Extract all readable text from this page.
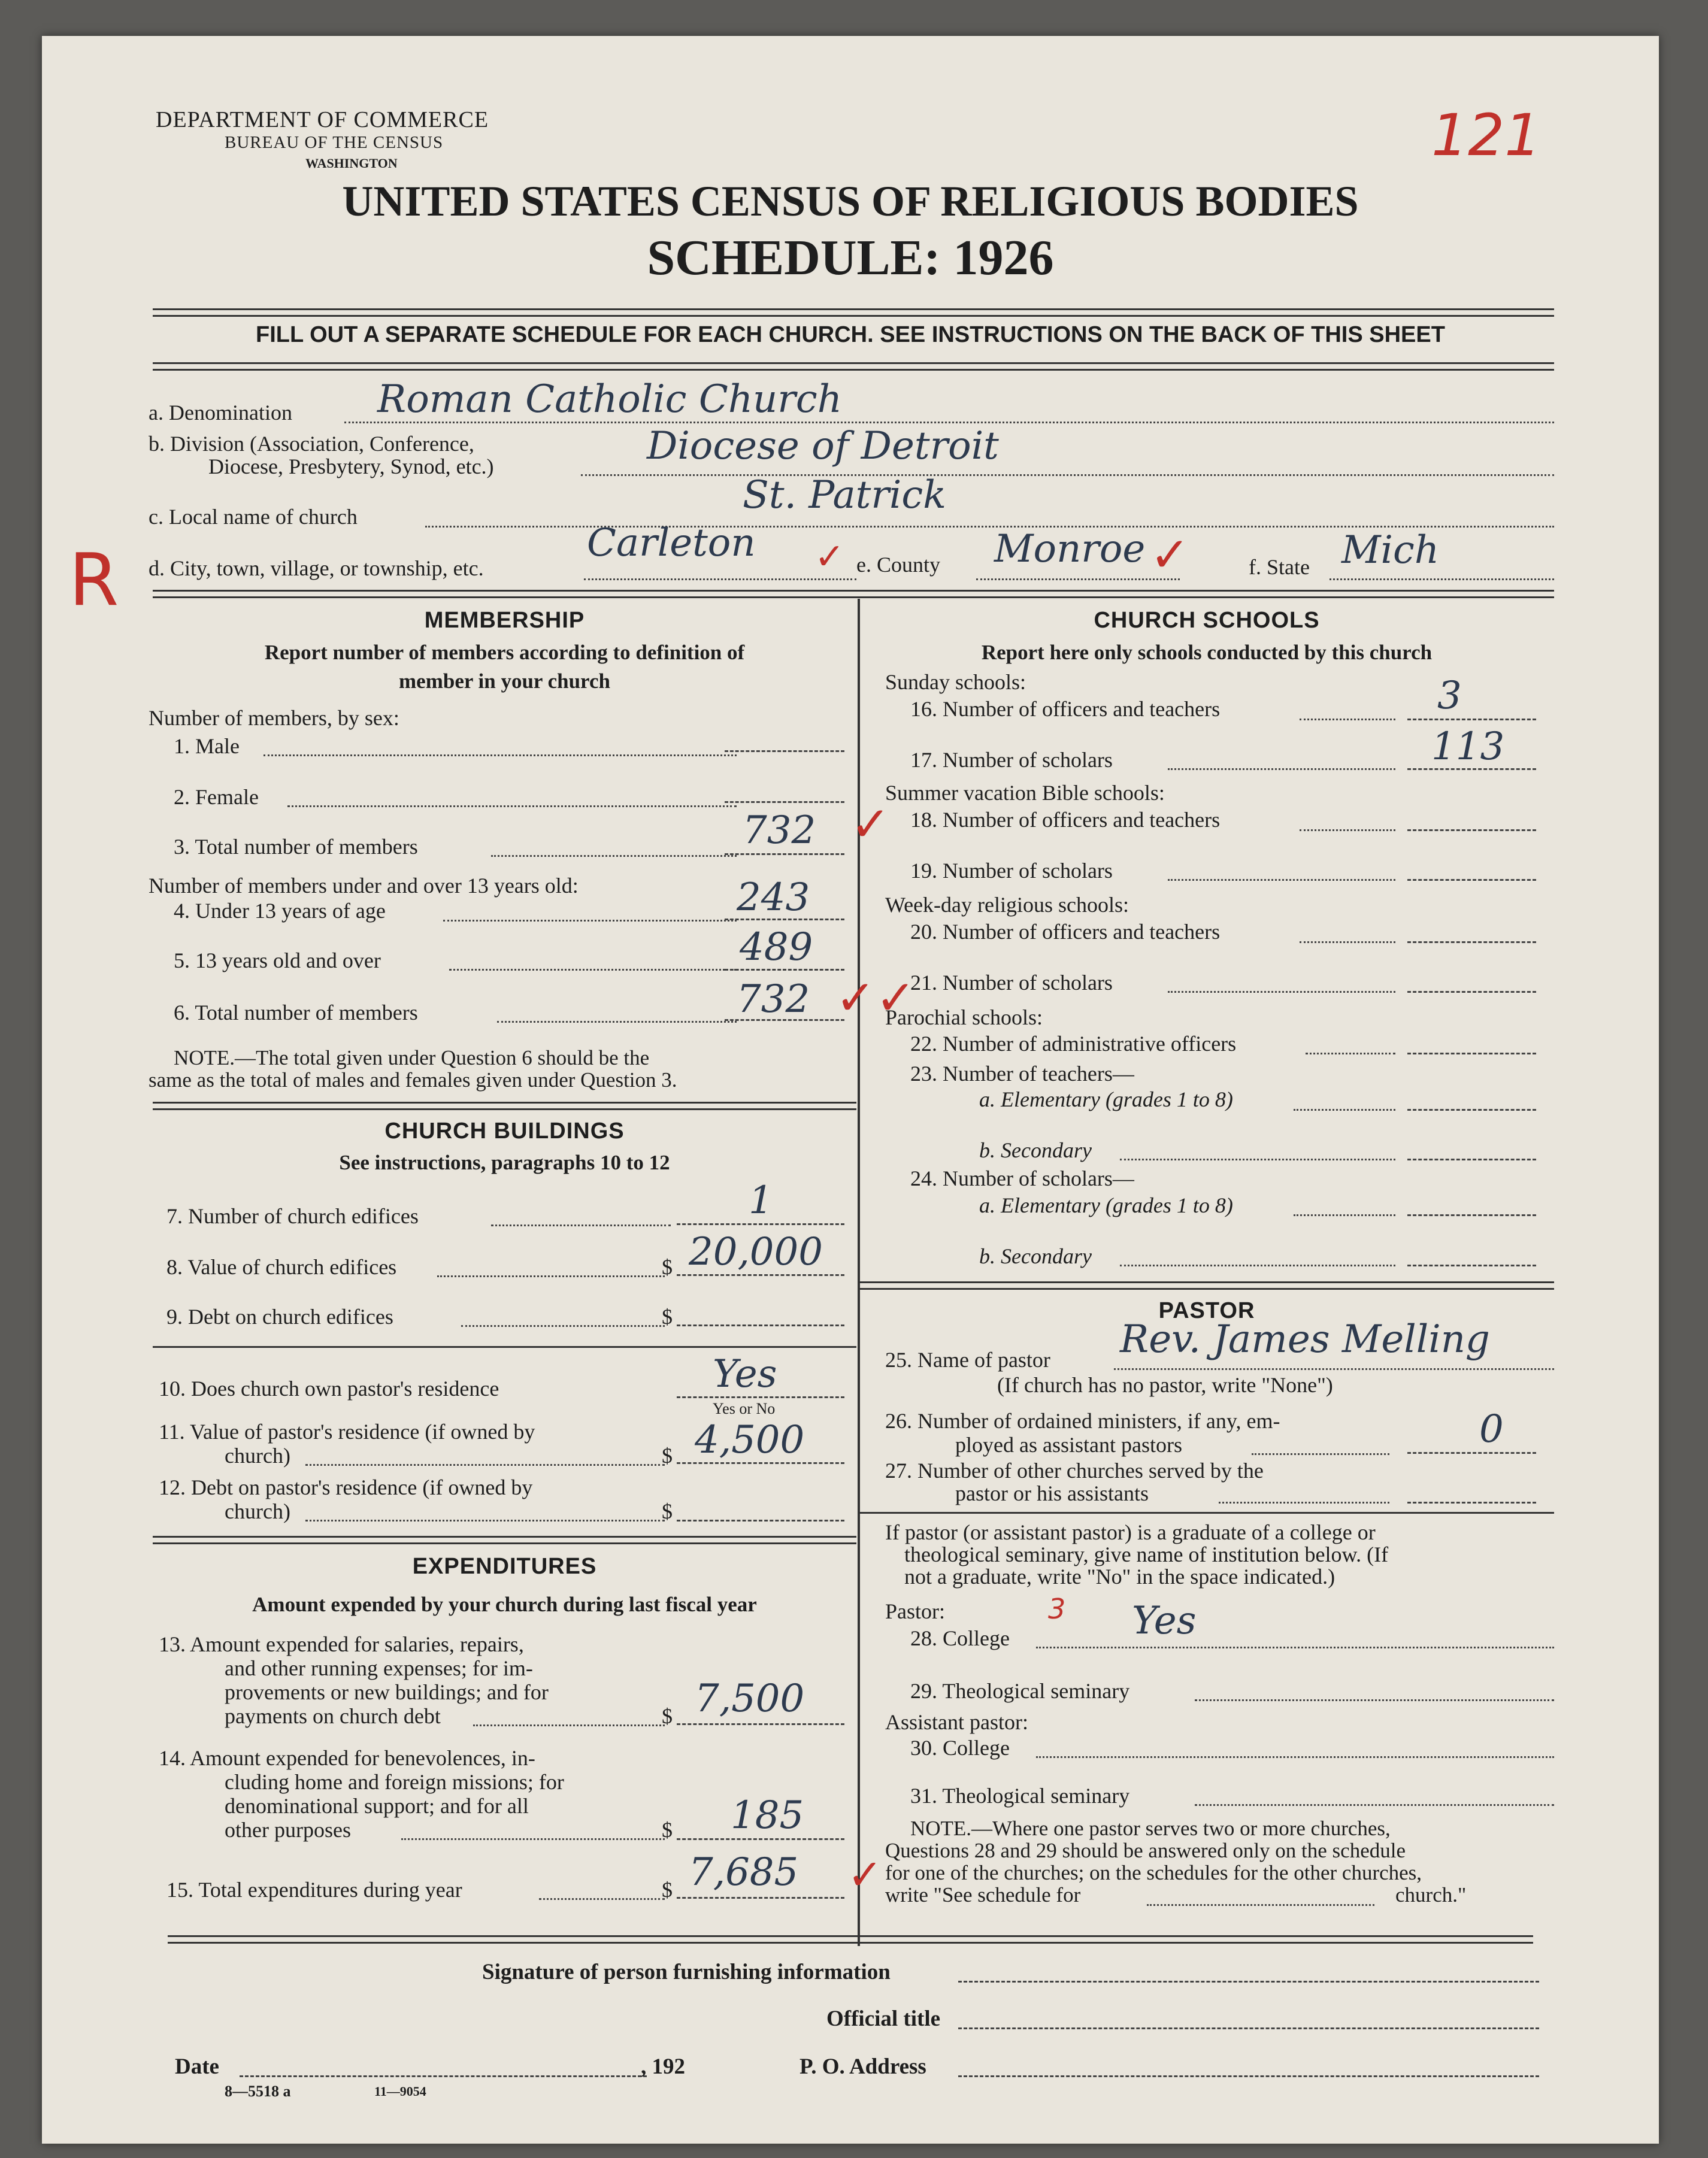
DEPARTMENT OF COMMERCE
BUREAU OF THE CENSUS
WASHINGTON
UNITED STATES CENSUS OF RELIGIOUS BODIES
SCHEDULE: 1926
121
R
FILL OUT A SEPARATE SCHEDULE FOR EACH CHURCH. SEE INSTRUCTIONS ON THE BACK OF THIS SHEET
a. Denomination Roman Catholic Church
b. Division (Association, Conference,
Diocese, Presbytery, Synod, etc.)	Diocese of Detroit
c. Local name of church	St. Patrick
d. City, town, village, or township, etc.
Carleton ✓ e. County Monroe ✓	f. State Mich
MEMBERSHIP
Report number of members according to definition of
member in your church
Number of members, by sex:
1. Male
2. Female
3. Total number of members	732 ✓
Number of members under and over 13 years old:
4. Under 13 years of age	243
5. 13 years old and over	489
6. Total number of members	732 ✓✓
NOTE.—The total given under Question 6 should be the
same as the total of males and females given under Question 3.
CHURCH BUILDINGS
See instructions, paragraphs 10 to 12
7. Number of church edifices	1
8. Value of church edifices	$ 20,000
9. Debt on church edifices	$
10. Does church own pastor's residence	Yes
Yes or No
11. Value of pastor's residence (if owned by
church)	$ 4,500
12. Debt on pastor's residence (if owned by
church)	$
EXPENDITURES
Amount expended by your church during last fiscal year
13. Amount expended for salaries, repairs,
and other running expenses; for im-
provements or new buildings; and for
payments on church debt	$ 7,500
14. Amount expended for benevolences, in-
cluding home and foreign missions; for
denominational support; and for all
other purposes	$ 185
15. Total expenditures during year	$ 7,685 ✓
CHURCH SCHOOLS
Report here only schools conducted by this church
Sunday schools:
16. Number of officers and teachers	3
17. Number of scholars	113
Summer vacation Bible schools:
18. Number of officers and teachers
19. Number of scholars
Week-day religious schools:
20. Number of officers and teachers
21. Number of scholars
Parochial schools:
22. Number of administrative officers
23. Number of teachers—
a. Elementary (grades 1 to 8)
b. Secondary
24. Number of scholars—
a. Elementary (grades 1 to 8)
b. Secondary
PASTOR
25. Name of pastor Rev. James Melling
(If church has no pastor, write "None")
26. Number of ordained ministers, if any, em-
ployed as assistant pastors	0
27. Number of other churches served by the
pastor or his assistants
If pastor (or assistant pastor) is a graduate of a college or
theological seminary, give name of institution below. (If
not a graduate, write "No" in the space indicated.)
Pastor:	3
28. College	Yes
29. Theological seminary
Assistant pastor:
30. College
31. Theological seminary
NOTE.—Where one pastor serves two or more churches,
Questions 28 and 29 should be answered only on the schedule
for one of the churches; on the schedules for the other churches,
write "See schedule for	church."
Signature of person furnishing information
Official title
Date	, 192	P. O. Address
8—5518 a	11—9054
